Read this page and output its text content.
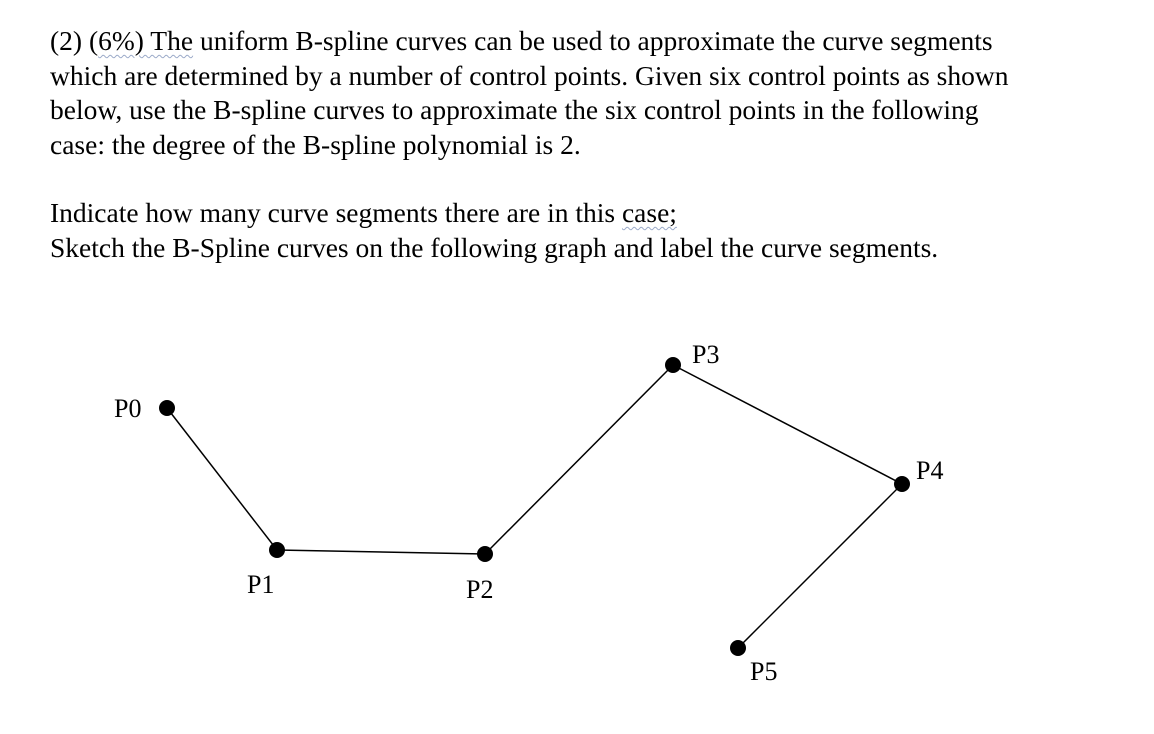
(2) (6%) The uniform B-spline curves can be used to approximate the curve segments

which are determined by a number of control points. Given six control points as shown

below, use the B-spline curves to approximate the six control points in the following

case: the degree of the B-spline polynomial is 2.

Indicate how many curve segments there are in this case;

Sketch the B-Spline curves on the following graph and label the curve segments.

P0
P1	P2
P3
P4
P5
